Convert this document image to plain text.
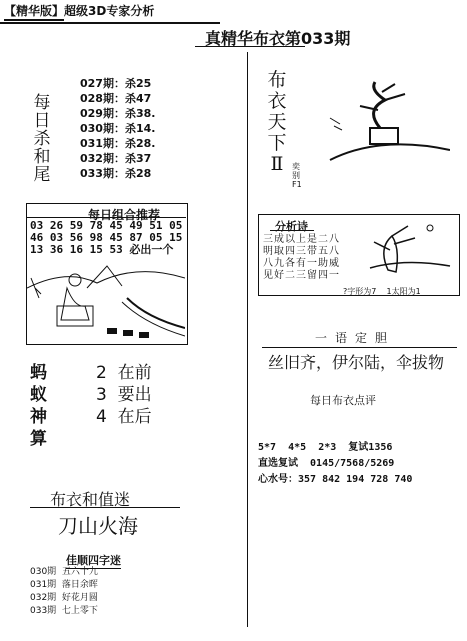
【精华版】超级3D专家分析
真精华布衣第033期
每
日
杀
和
尾
027期：杀25
028期：杀47
029期：杀38.
030期：杀14.
031期：杀28.
032期：杀37
033期：杀28
每日组合推荐
03 26 59 78 45 49 51 05
46 03 56 98 45 87 05 15
13 36 16 15 53 必出一个
蚂
蚁
神
算
2  在前
3  要出
4  在后
布衣和值迷
刀山火海
佳顺四字迷
030期  五六十九
031期  落日余晖
032期  好花月圆
033期  七上零下
布
衣
天
下
Ⅱ	奕 别 F1
分析诗
三成以上是二八
明取四三带五八
八九各有一助威
见好二三留四一
?字形为7    1太阳为1
一语定胆
丝旧齐，伊尔陆，伞拔物
每日布衣点评
5*7  4*5  2*3  复试1356
直选复试  0145/7568/5269
心水号：357 842 194 728 740
